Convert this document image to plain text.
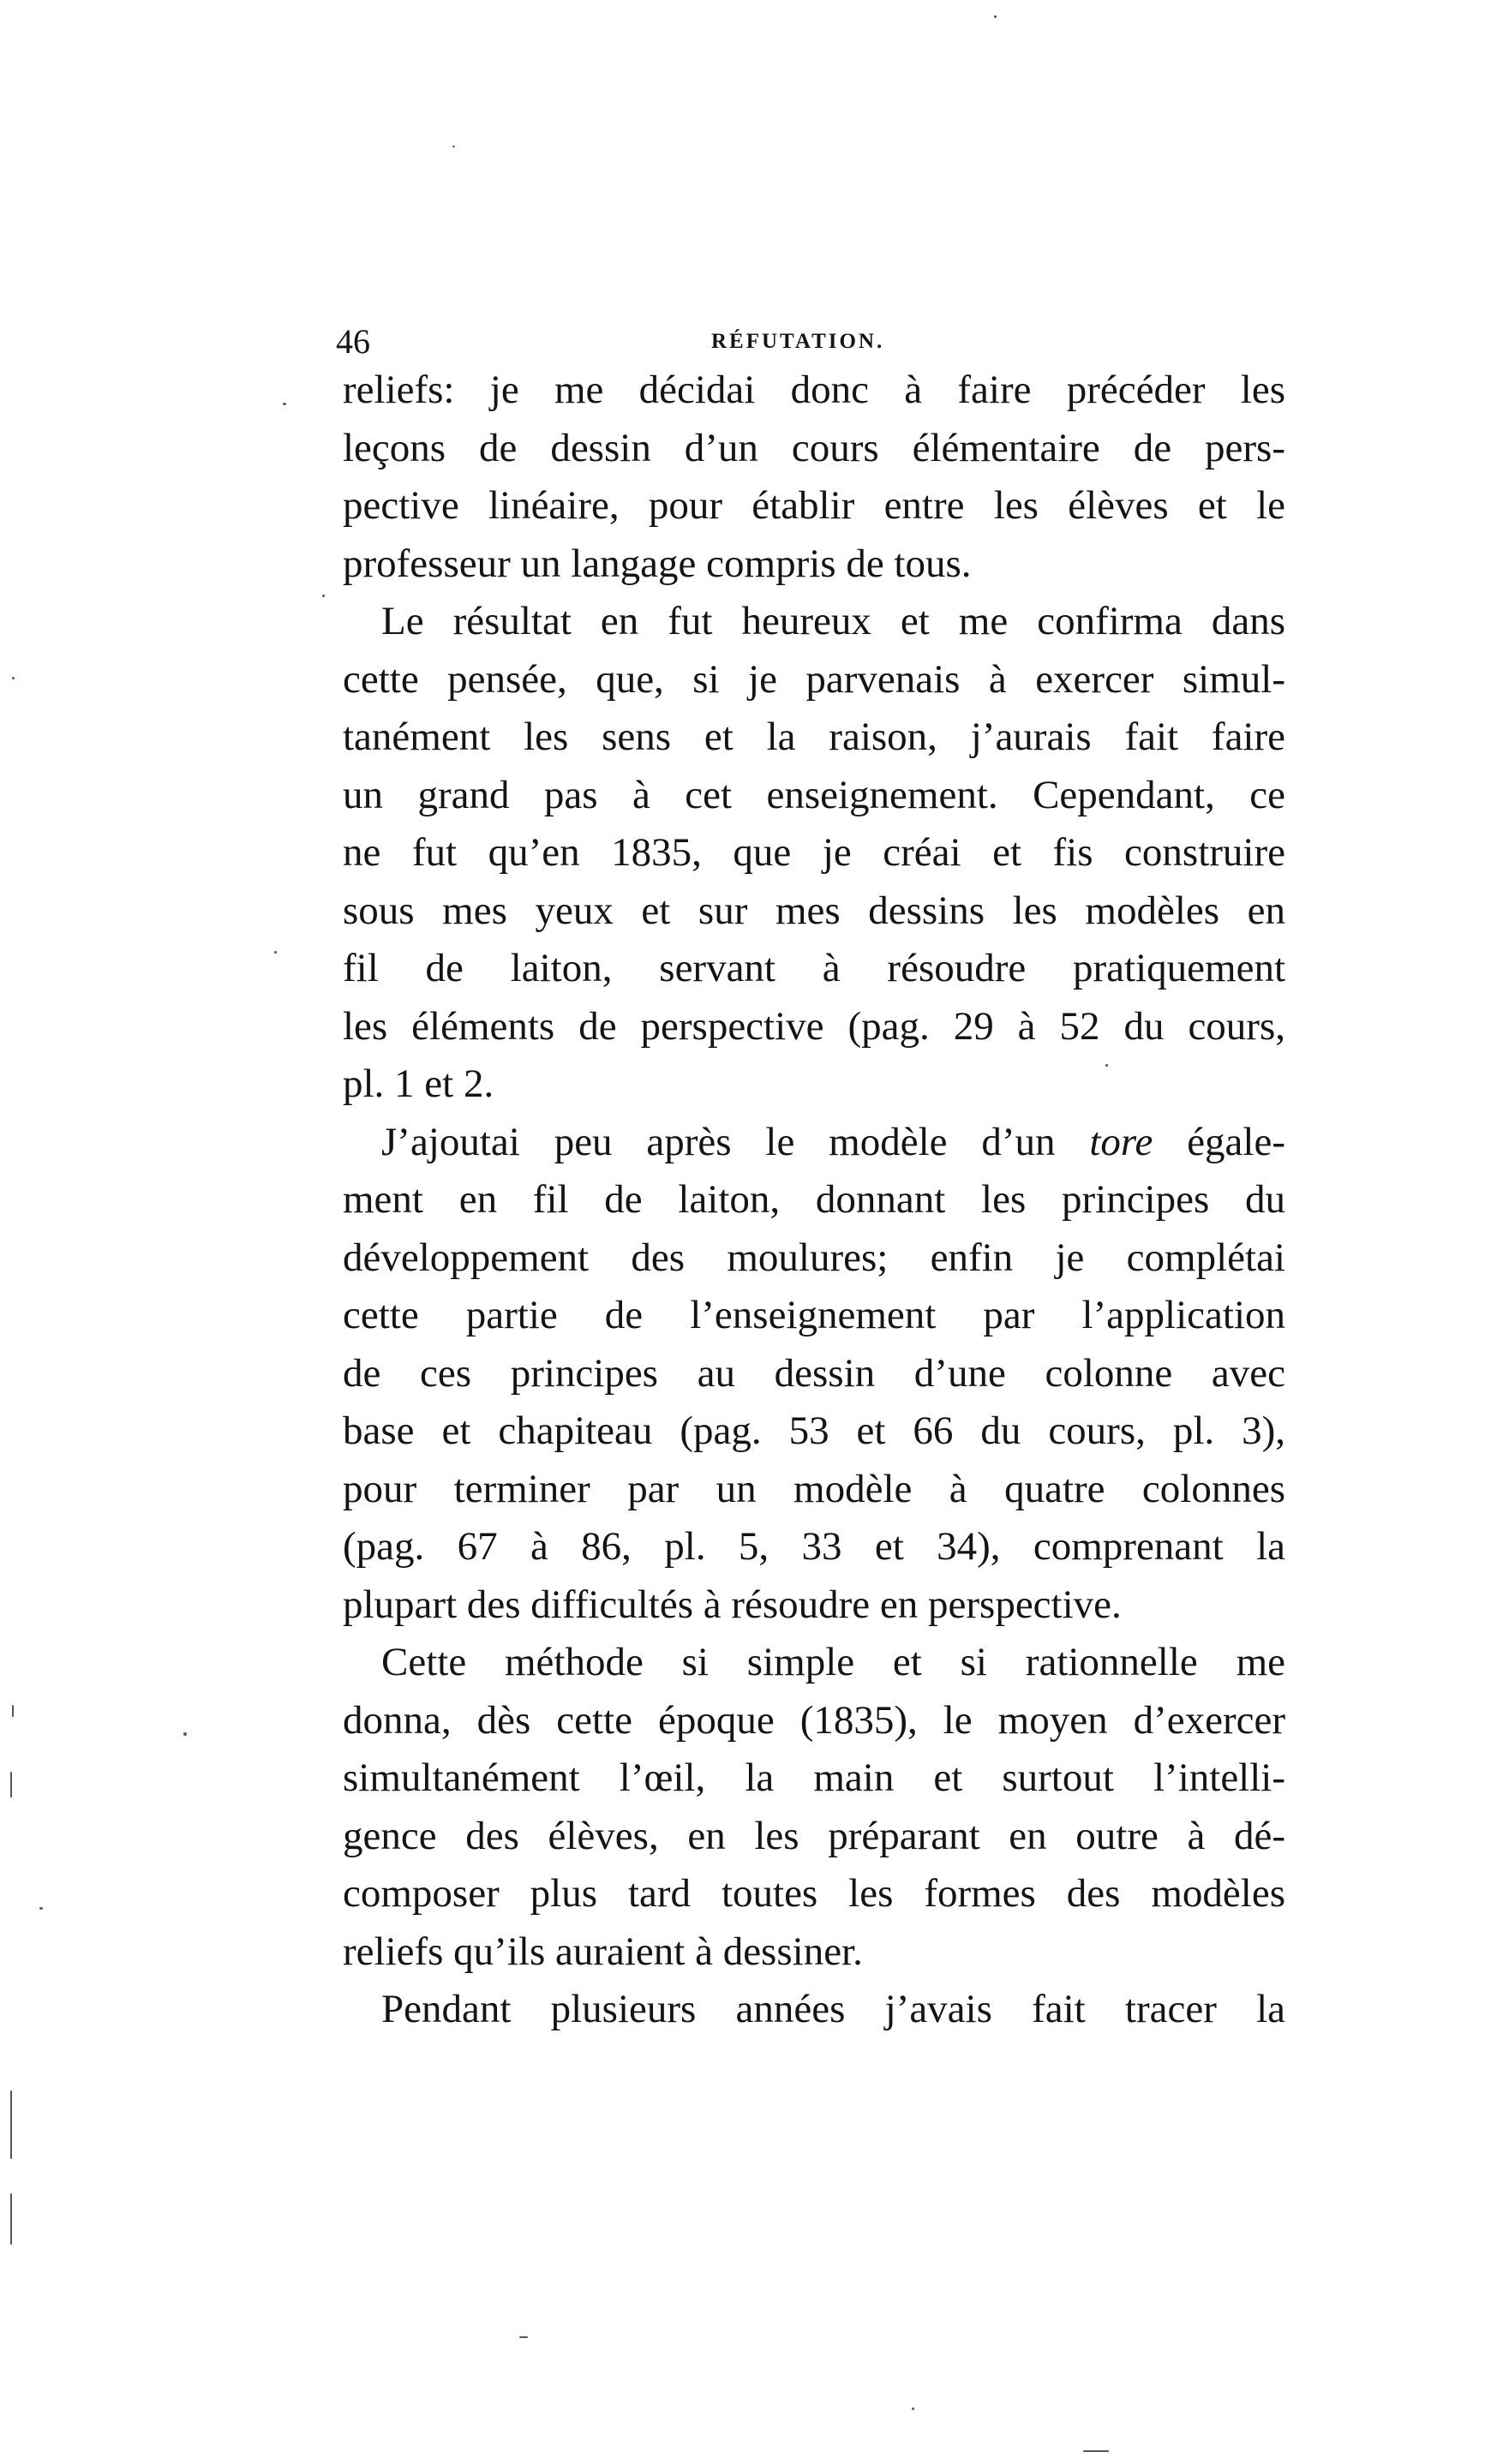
46	RÉFUTATION.
reliefs: je me décidai donc à faire précéder les
leçons de dessin d’un cours élémentaire de pers-
pective linéaire, pour établir entre les élèves et le
professeur un langage compris de tous.
Le résultat en fut heureux et me confirma dans
cette pensée, que, si je parvenais à exercer simul-
tanément les sens et la raison, j’aurais fait faire
un grand pas à cet enseignement. Cependant, ce
ne fut qu’en 1835, que je créai et fis construire
sous mes yeux et sur mes dessins les modèles en
fil de laiton, servant à résoudre pratiquement
les éléments de perspective (pag. 29 à 52 du cours,
pl. 1 et 2.
J’ajoutai peu après le modèle d’un tore égale-
ment en fil de laiton, donnant les principes du
développement des moulures; enfin je complétai
cette partie de l’enseignement par l’application
de ces principes au dessin d’une colonne avec
base et chapiteau (pag. 53 et 66 du cours, pl. 3),
pour terminer par un modèle à quatre colonnes
(pag. 67 à 86, pl. 5, 33 et 34), comprenant la
plupart des difficultés à résoudre en perspective.
Cette méthode si simple et si rationnelle me
donna, dès cette époque (1835), le moyen d’exercer
simultanément l’œil, la main et surtout l’intelli-
gence des élèves, en les préparant en outre à dé-
composer plus tard toutes les formes des modèles
reliefs qu’ils auraient à dessiner.
Pendant plusieurs années j’avais fait tracer la
